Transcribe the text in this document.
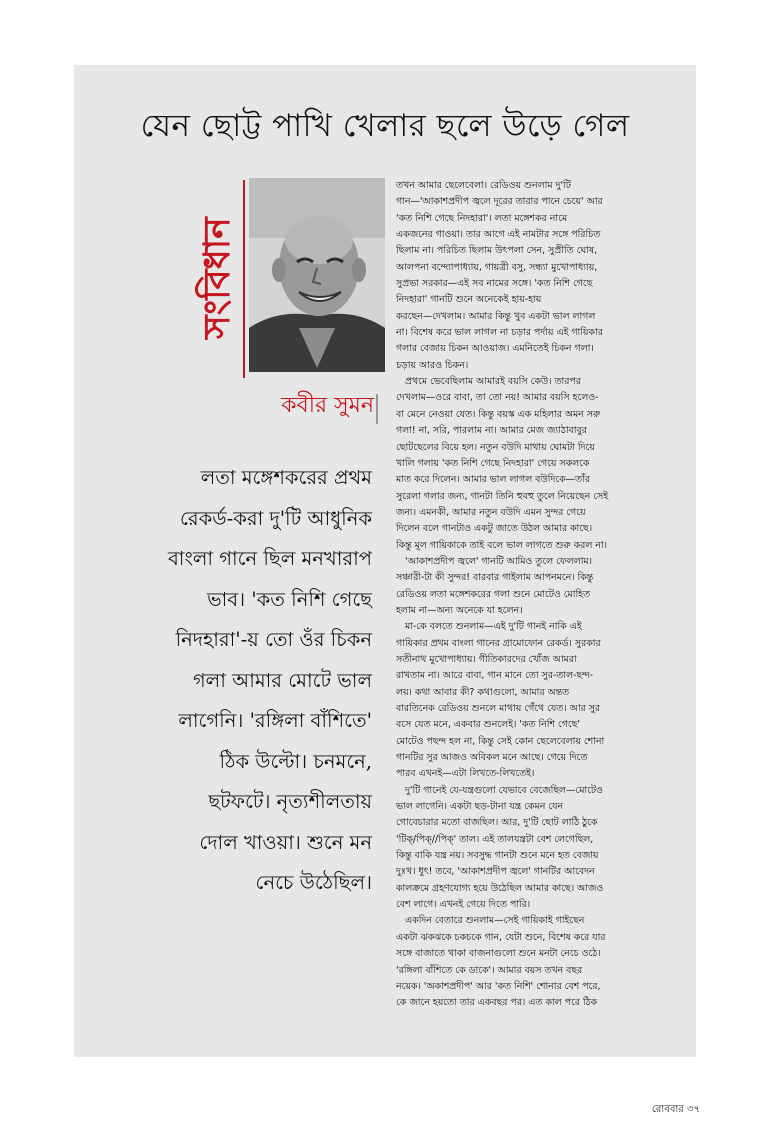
যেন ছোট্ট পাখি খেলার ছলে উড়ে গেল
সংবিধান
কবীর সুমন
লতা মঙ্গেশকরের প্রথম
রেকর্ড-করা দু'টি আধুনিক
বাংলা গানে ছিল মনখারাপ
ভাব। 'কত নিশি গেছে
নিদহারা'-য় তো ওঁর চিকন
গলা আমার মোটে ভাল
লাগেনি। 'রঙ্গিলা বাঁশিতে'
ঠিক উল্টো। চনমনে,
ছটফটে। নৃত্যশীলতায়
দোল খাওয়া। শুনে মন
নেচে উঠেছিল।
তখন আমার ছেলেবেলা। রেডিওয় শুনলাম দু'টি
গান—'আকাশপ্রদীপ জ্বলে দূরের তারার পানে চেয়ে' আর
'কত নিশি গেছে নিদহারা'। লতা মঙ্গেশকর নামে
একজনের গাওয়া। তার আগে এই নামটার সঙ্গে পরিচিত
ছিলাম না। পরিচিত ছিলাম উৎপলা সেন, সুপ্রীতি ঘোষ,
আলপনা বন্দ্যোপাধ্যায়, গায়ত্রী বসু, সন্ধ্যা মুখোপাধ্যায়,
সুপ্রভা সরকার—এই সব নামের সঙ্গে। 'কত নিশি গেছে
নিদহারা' গানটি শুনে অনেকেই হায়-হায়
করছেন—দেখলাম। আমার কিন্তু খুব একটা ভাল লাগল
না। বিশেষ করে ভাল লাগল না চড়ার পর্দায় এই গায়িকার
গলার বেজায় চিকন আওয়াজ। এমনিতেই চিকন গলা।
চড়ায় আরও চিকন।
প্রথমে ভেবেছিলাম আমারই বয়সি কেউ। তারপর
দেখলাম—ওরে বাবা, তা তো নয়! আমার বয়সি হলেও-
বা মেনে নেওয়া যেত। কিন্তু বয়স্ক এক মহিলার অমন সরু
গলা! না, সরি, পারলাম না। আমার মেজ জ্যাঠাবাবুর
ছোটছেলের বিয়ে হল। নতুন বউদি মাথায় ঘোমটা দিয়ে
খালি গলায় 'কত নিশি গেছে নিদহারা' গেয়ে সকলকে
মাত করে দিলেন। আমার ভাল লাগল বউদিকে—তাঁর
সুরেলা গলার জন্য, গানটা তিনি হুবহু তুলে নিয়েছেন সেই
জন্য। এমনকী, আমার নতুন বউদি এমন সুন্দর গেয়ে
দিলেন বলে গানটাও একটু জাতে উঠল আমার কাছে।
কিন্তু মূল গায়িকাকে তাই বলে ভাল লাগতে শুরু করল না।
'আকাশপ্রদীপ জ্বলে' গানটি আমিও তুলে ফেললাম।
সঞ্চারী-টা কী সুন্দর! বারবার গাইলাম আপনমনে। কিন্তু
রেডিওয় লতা মঙ্গেশকরের গলা শুনে মোটেও মোহিত
হলাম না—অন্য অনেকে যা হলেন।
মা-কে বলতে শুনলাম—এই দু'টি গানই নাকি এই
গায়িকার প্রথম বাংলা গানের গ্রামোফোন রেকর্ড। সুরকার
সতীনাথ মুখোপাধ্যায়। গীতিকারদের খোঁজ আমরা
রাখতাম না। আরে বাবা, গান মানে তো সুর-তাল-ছন্দ-
লয়। কথা আবার কী? কথাগুলো, আমার অন্তত
বারতিনেক রেডিওয় শুনলে মাথায় গেঁথে যেত। আর সুর
বসে যেত মনে, একবার শুনলেই। 'কত নিশি গেছে'
মোটেও পছন্দ হল না, কিন্তু সেই কোন ছেলেবেলায় শোনা
গানটির সুর আজও অবিকল মনে আছে। গেয়ে দিতে
পারব এখনই—এটা লিখতে-লিখতেই।
দু'টি গানেই যে-যন্ত্রগুলো যেভাবে বেজেছিল—মোটেও
ভাল লাগেনি। একটা ছড়-টানা যন্ত্র কেমন যেন
গোবেচারার মতো বাজছিল। আর, দু'টি ছোট লাঠি ঠুকে
'টিক্/পিক্//পিক্' তাল। এই তালযন্ত্রটা বেশ লেগেছিল,
কিন্তু বাকি যন্ত্র নয়। সবসুদ্ধ গানটা শুনে মনে হত বেজায়
দুঃখ। ধুৎ! তবে, 'আকাশপ্রদীপ জ্বলে' গানটির আবেদন
কালক্রমে গ্রহণযোগ্য হয়ে উঠেছিল আমার কাছে। আজও
বেশ লাগে। এখনই গেয়ে দিতে পারি।
একদিন বেতারে শুনলাম—সেই গায়িকাই গাইছেন
একটা ঝকঝকে চকচকে গান, যেটা শুনে, বিশেষ করে যার
সঙ্গে বাজাতে থাকা বাজনাগুলো শুনে মনটা নেচে ওঠে।
'রঙ্গিলা বাঁশিতে কে ডাকে'। আমার বয়স তখন বছর
নয়েক। 'অকাশপ্রদীপ' আর 'কত নিশি' শোনার বেশ পরে,
কে জানে হয়তো তার একবছর পর। এত কাল পরে ঠিক
রোববার ৩৭
